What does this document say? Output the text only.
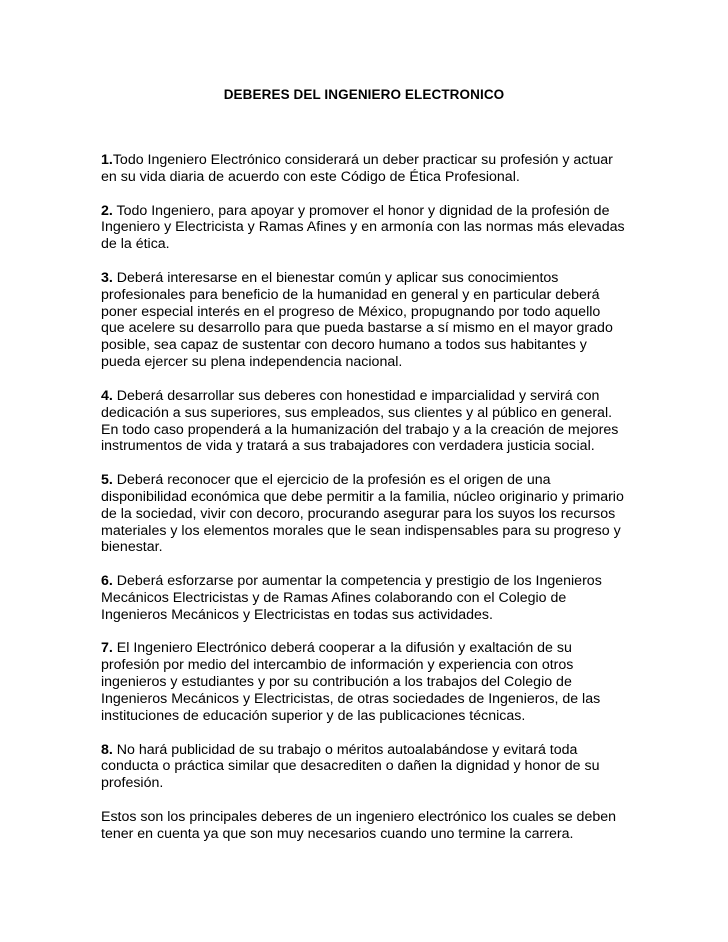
DEBERES DEL INGENIERO ELECTRONICO

1.Todo Ingeniero Electrónico considerará un deber practicar su profesión y actuar en su vida diaria de acuerdo con este Código de Ética Profesional.

2. Todo Ingeniero, para apoyar y promover el honor y dignidad de la profesión de Ingeniero y Electricista y Ramas Afines y en armonía con las normas más elevadas de la ética.

3. Deberá interesarse en el bienestar común y aplicar sus conocimientos profesionales para beneficio de la humanidad en general y en particular deberá poner especial interés en el progreso de México, propugnando por todo aquello que acelere su desarrollo para que pueda bastarse a sí mismo en el mayor grado posible, sea capaz de sustentar con decoro humano a todos sus habitantes y pueda ejercer su plena independencia nacional.

4. Deberá desarrollar sus deberes con honestidad e imparcialidad y servirá con dedicación a sus superiores, sus empleados, sus clientes y al público en general. En todo caso propenderá a la humanización del trabajo y a la creación de mejores instrumentos de vida y tratará a sus trabajadores con verdadera justicia social.

5. Deberá reconocer que el ejercicio de la profesión es el origen de una disponibilidad económica que debe permitir a la familia, núcleo originario y primario de la sociedad, vivir con decoro, procurando asegurar para los suyos los recursos materiales y los elementos morales que le sean indispensables para su progreso y bienestar.

6. Deberá esforzarse por aumentar la competencia y prestigio de los Ingenieros Mecánicos Electricistas y de Ramas Afines colaborando con el Colegio de Ingenieros Mecánicos y Electricistas en todas sus actividades.

7. El Ingeniero Electrónico deberá cooperar a la difusión y exaltación de su profesión por medio del intercambio de información y experiencia con otros ingenieros y estudiantes y por su contribución a los trabajos del Colegio de Ingenieros Mecánicos y Electricistas, de otras sociedades de Ingenieros, de las instituciones de educación superior y de las publicaciones técnicas.

8. No hará publicidad de su trabajo o méritos autoalabándose y evitará toda conducta o práctica similar que desacrediten o dañen la dignidad y honor de su profesión.

Estos son los principales deberes de un ingeniero electrónico los cuales se deben tener en cuenta ya que son muy necesarios cuando uno termine la carrera.
